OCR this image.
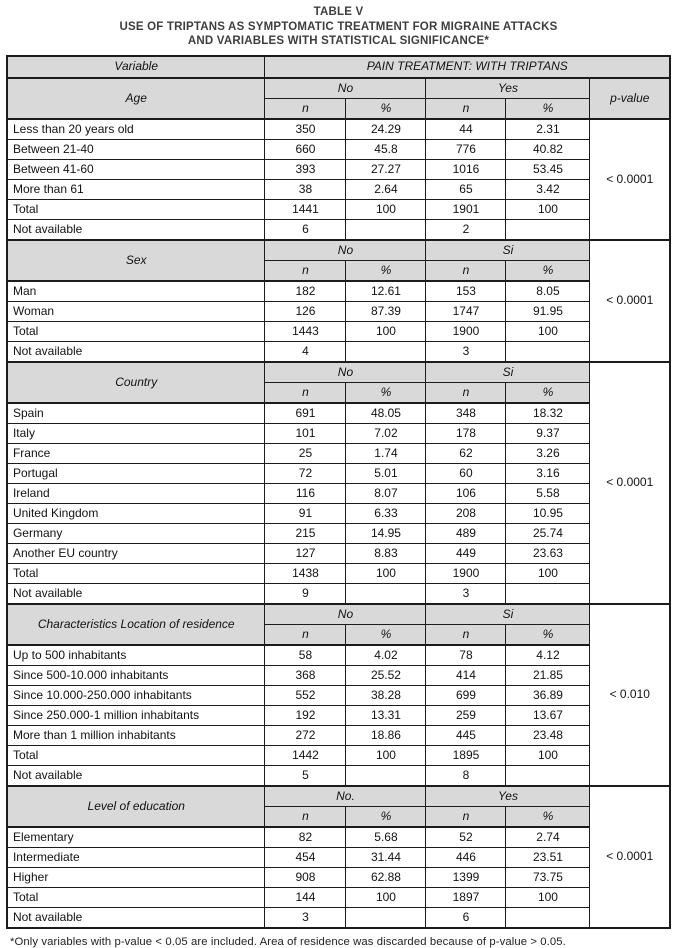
TABLE V
USE OF TRIPTANS AS SYMPTOMATIC TREATMENT FOR MIGRAINE ATTACKS
AND VARIABLES WITH STATISTICAL SIGNIFICANCE*
Variable	PAIN TREATMENT: WITH TRIPTANS				
Age	No		Yes		p-value
	n	%	n	%	
Less than 20 years old	350	24.29	44	2.31	< 0.0001
Between 21-40	660	45.8	776	40.82	
Between 41-60	393	27.27	1016	53.45	
More than 61	38	2.64	65	3.42	
Total	1441	100	1901	100	
Not available	6		2		
Sex	No		Si		< 0.0001
	n	%	n	%	
Man	182	12.61	153	8.05	
Woman	126	87.39	1747	91.95	
Total	1443	100	1900	100	
Not available	4		3		
Country	No		Si		< 0.0001
	n	%	n	%	
Spain	691	48.05	348	18.32	
Italy	101	7.02	178	9.37	
France	25	1.74	62	3.26	
Portugal	72	5.01	60	3.16	
Ireland	116	8.07	106	5.58	
United Kingdom	91	6.33	208	10.95	
Germany	215	14.95	489	25.74	
Another EU country	127	8.83	449	23.63	
Total	1438	100	1900	100	
Not available	9		3		
Characteristics Location of residence	No		Si		< 0.010
	n	%	n	%	
Up to 500 inhabitants	58	4.02	78	4.12	
Since 500-10.000 inhabitants	368	25.52	414	21.85	
Since 10.000-250.000 inhabitants	552	38.28	699	36.89	
Since 250.000-1 million inhabitants	192	13.31	259	13.67	
More than 1 million inhabitants	272	18.86	445	23.48	
Total	1442	100	1895	100	
Not available	5		8		
Level of education	No.		Yes		< 0.0001
	n	%	n	%	
Elementary	82	5.68	52	2.74	
Intermediate	454	31.44	446	23.51	
Higher	908	62.88	1399	73.75	
Total	144	100	1897	100	
Not available	3		6		
*Only variables with p-value < 0.05 are included. Area of residence was discarded because of p-value > 0.05.
